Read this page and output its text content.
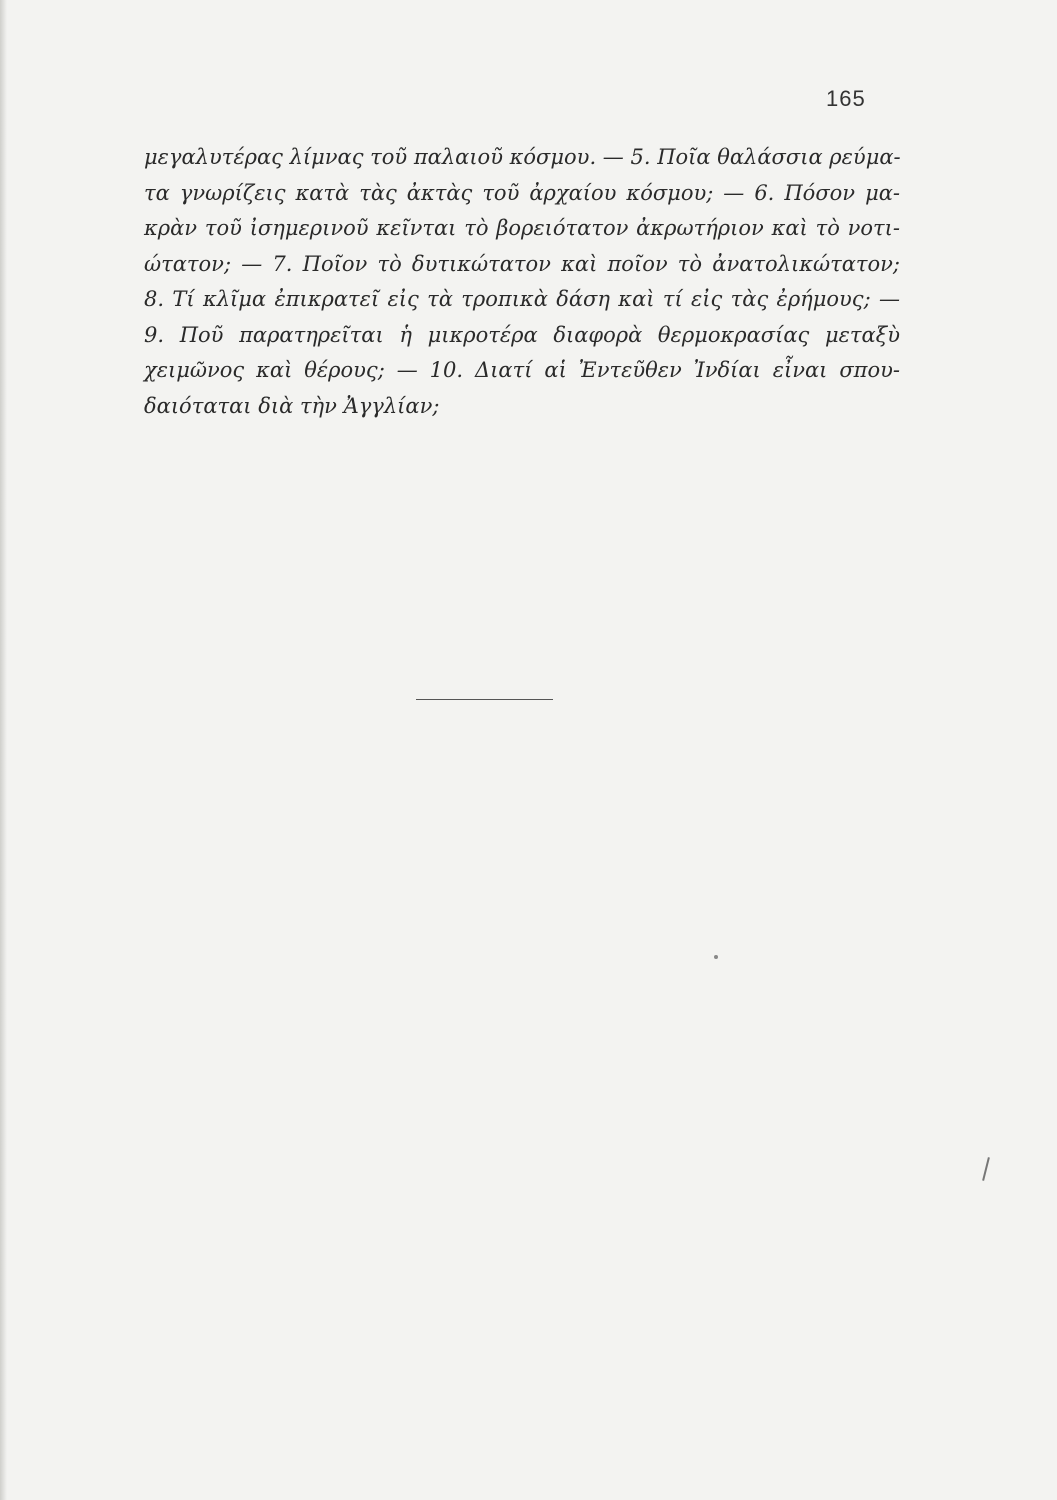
165
μεγαλυτέρας λίμνας τοῦ παλαιοῦ κόσμου. — 5. Ποῖα θαλάσσια ρεύμα-
τα γνωρίζεις κατὰ τὰς ἀκτὰς τοῦ ἀρχαίου κόσμου; — 6. Πόσον μα-
κρὰν τοῦ ἰσημερινοῦ κεῖνται τὸ βορειότατον ἀκρωτήριον καὶ τὸ νοτι-
ώτατον; — 7. Ποῖον τὸ δυτικώτατον καὶ ποῖον τὸ ἀνατολικώτατον;
8. Τί κλῖμα ἐπικρατεῖ εἰς τὰ τροπικὰ δάση καὶ τί εἰς τὰς ἐρήμους; —
9. Ποῦ παρατηρεῖται ἡ μικροτέρα διαφορὰ θερμοκρασίας μεταξὺ
χειμῶνος καὶ θέρους; — 10. Διατί αἱ Ἐντεῦθεν Ἰνδίαι εἶναι σπου-
δαιόταται διὰ τὴν Ἀγγλίαν;
